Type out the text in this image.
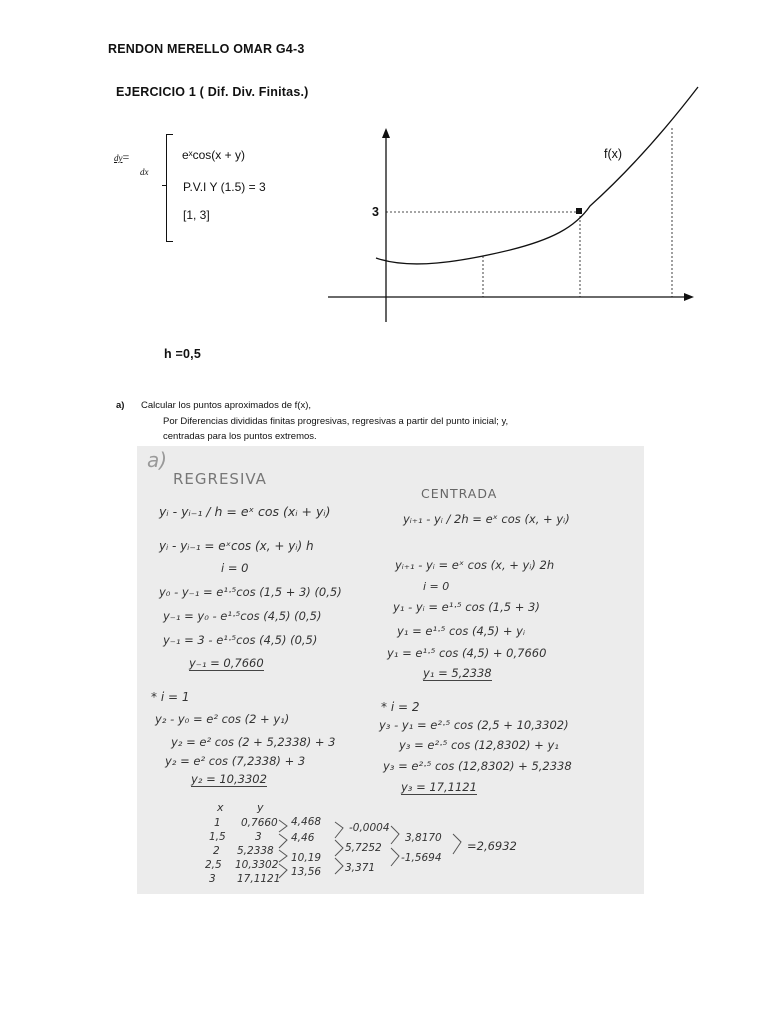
RENDON MERELLO OMAR G4-3
EJERCICIO 1 ( Dif. Div. Finitas.)
dy=
dx
eˣcos(x + y)
P.V.I Y (1.5) = 3
[1, 3]
f(x)
3
h =0,5
a) Calcular los puntos aproximados de f(x),
Por Diferencias divididas finitas progresivas, regresivas a partir del punto inicial; y,
centradas para los puntos extremos.
a)
REGRESIVA
yᵢ - yᵢ₋₁ / h = eˣ cos (xᵢ + yᵢ)
yᵢ - yᵢ₋₁ = eˣcos (x, + yᵢ) h
i = 0
y₀ - y₋₁ = e¹·⁵cos (1,5 + 3) (0,5)
y₋₁ = y₀ - e¹·⁵cos (4,5) (0,5)
y₋₁ = 3 - e¹·⁵cos (4,5) (0,5)
y₋₁ = 0,7660
CENTRADA
yᵢ₊₁ - yᵢ / 2h = eˣ cos (x, + yᵢ)
yᵢ₊₁ - yᵢ = eˣ cos (x, + yᵢ) 2h
i = 0
y₁ - yᵢ = e¹·⁵ cos (1,5 + 3)
y₁ = e¹·⁵ cos (4,5) + yᵢ
y₁ = e¹·⁵ cos (4,5) + 0,7660
y₁ = 5,2338
* i = 1
y₂ - y₀ = e² cos (2 + y₁)
y₂ = e² cos (2 + 5,2338) + 3
y₂ = e² cos (7,2338) + 3
y₂ = 10,3302
* i = 2
y₃ - y₁ = e²·⁵ cos (2,5 + 10,3302)
y₃ = e²·⁵ cos (12,8302) + y₁
y₃ = e²·⁵ cos (12,8302) + 5,2338
y₃ = 17,1121
x	y
1
1,5
2
2,5
3
0,7660
3
5,2338
10,3302
17,1121
4,468
4,46
10,19
13,56
-0,0004
5,7252
3,371
3,8170
-1,5694
=2,6932
